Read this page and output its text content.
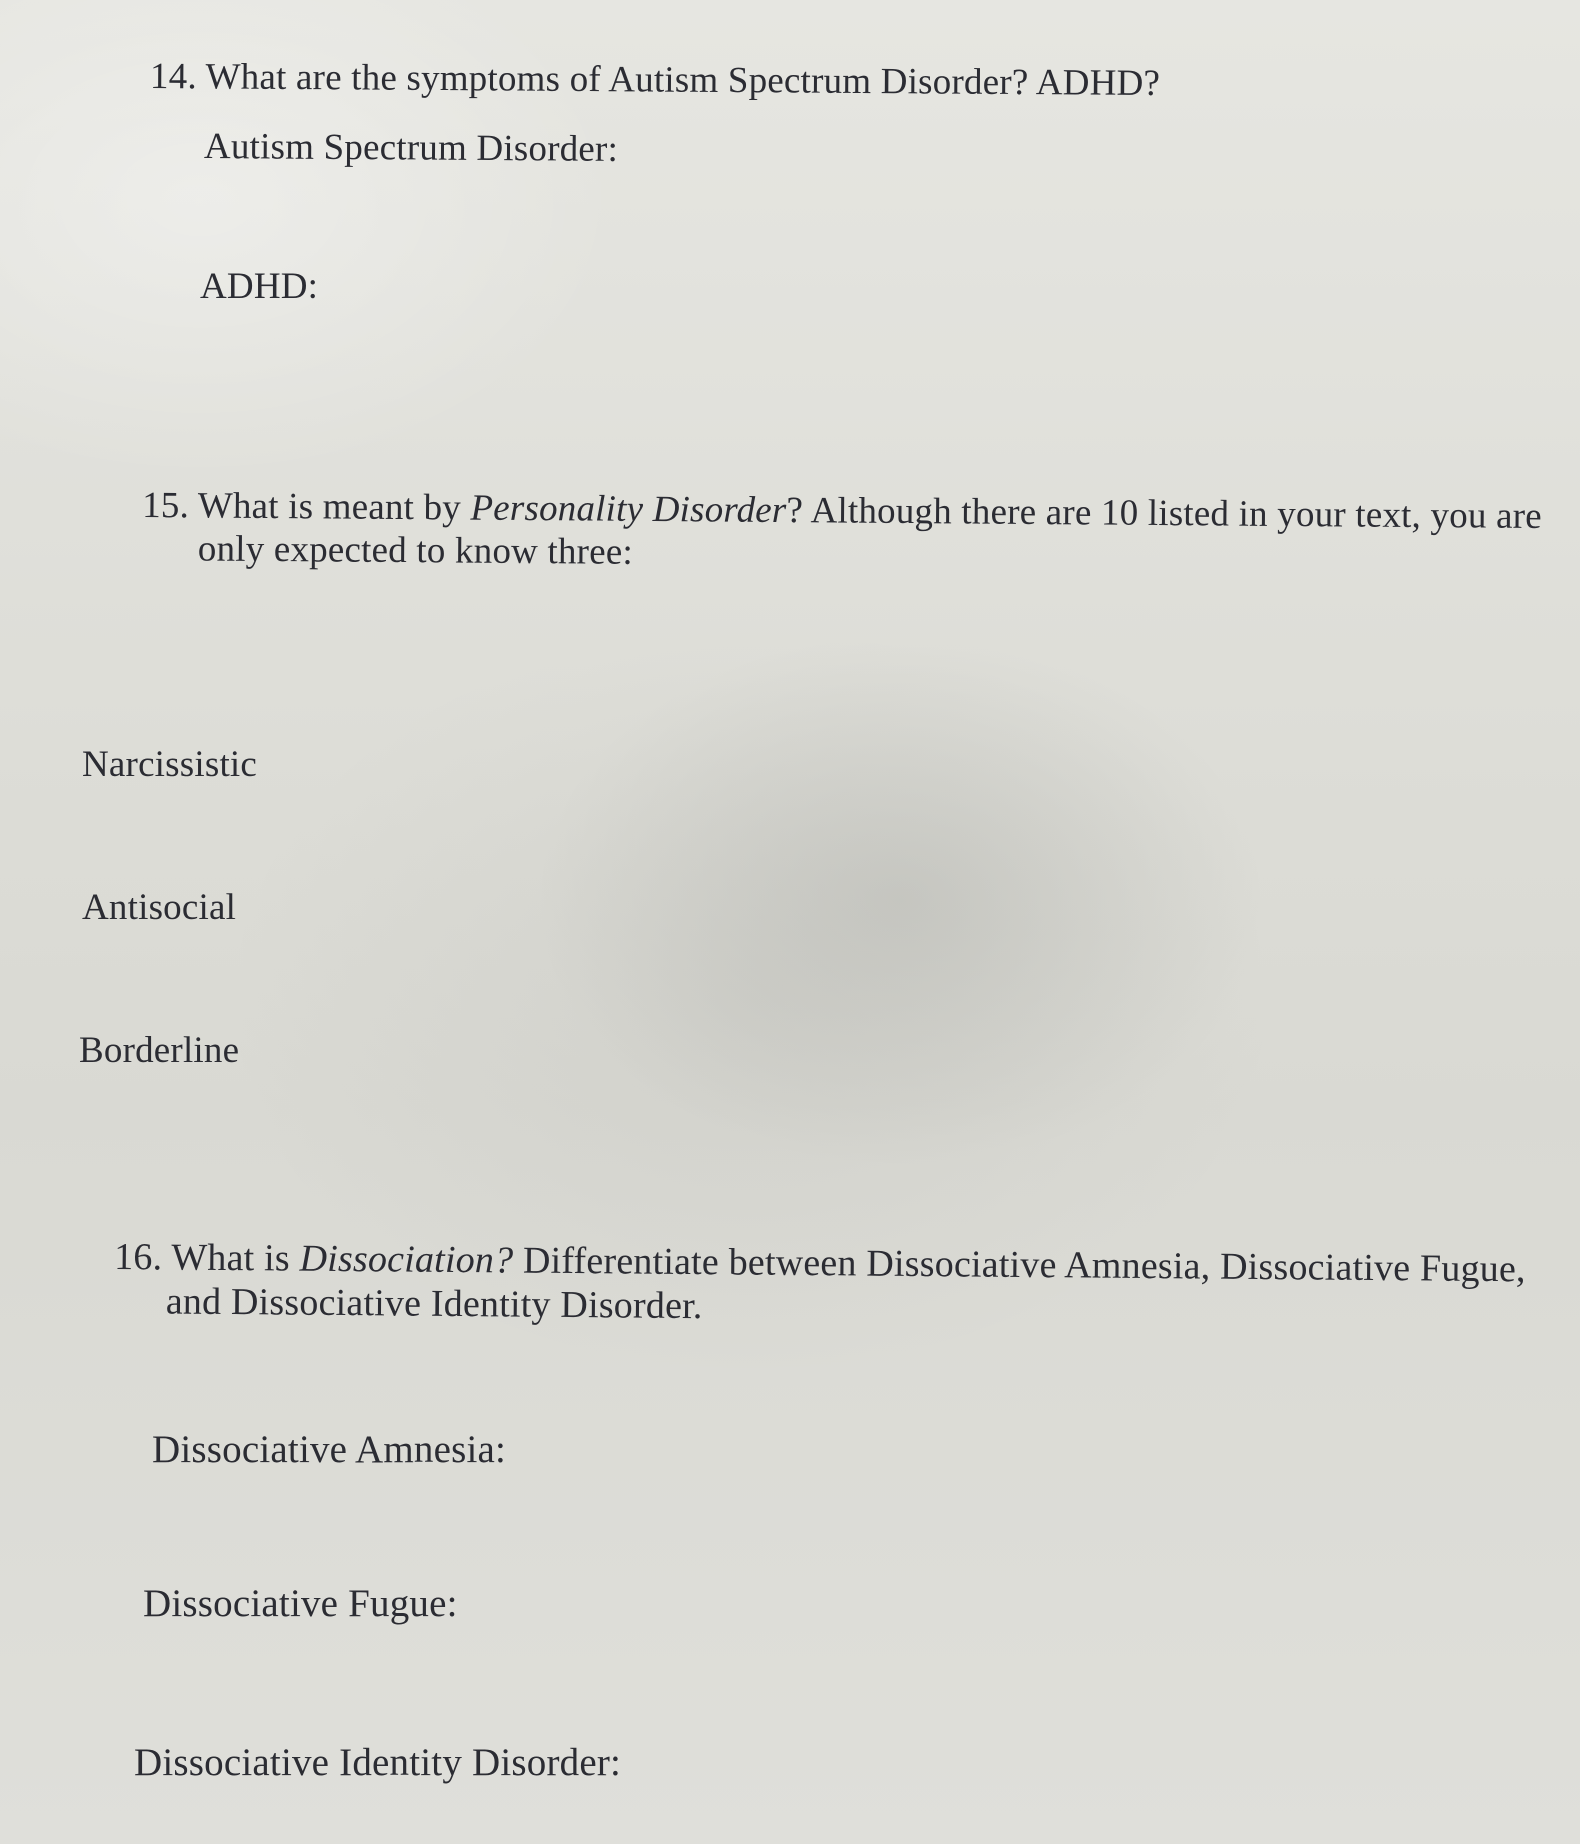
14. What are the symptoms of Autism Spectrum Disorder? ADHD?
Autism Spectrum Disorder:
ADHD:
15. What is meant by Personality Disorder? Although there are 10 listed in your text, you are
only expected to know three:
Narcissistic
Antisocial
Borderline
16. What is Dissociation? Differentiate between Dissociative Amnesia, Dissociative Fugue,
and Dissociative Identity Disorder.
Dissociative Amnesia:
Dissociative Fugue:
Dissociative Identity Disorder:
